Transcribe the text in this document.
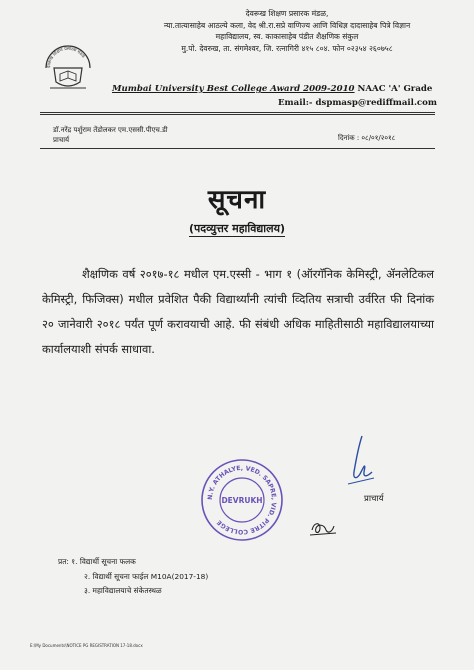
देवरूख शिक्षण प्रसारक मंडळ
देवरूख शिक्षण प्रसारक मंडळ,
न्या.तात्यासाहेब आठल्ये कला, वेद श्री.रा.सप्रे वाणिज्य आणि विधिज्ञ दादासाहेब पित्रे विज्ञान
महाविद्यालय, स्व. काकासाहेब पंडीत शैक्षणिक संकुल
मु.पो. देवरुख, ता. संगमेश्वर, जि. रत्नागिरी ४१५ ८०४. फोन ०२३५४ २६०७५८
Mumbai University Best College Award 2009-2010 NAAC 'A' Grade
Email:- dspmasp@rediffmail.com
डॉ.नरेंद्र पर्शुराम तेंडोलकर एम.एससी.पीएच.डी
प्राचार्य	दिनांक : ०८/०१/२०१८
सूचना
(पदव्युत्तर महाविद्यालय)
शैक्षणिक वर्ष २०१७-१८ मधील एम.एस्सी - भाग १ (ऑरगॅनिक केमिस्ट्री, ॲनलेटिकल केमिस्ट्री, फिजिक्स) मधील प्रवेशित पैकी विद्यार्थ्यांनी त्यांची व्दितिय सत्राची उर्वरित फी दिनांक २० जानेवारी २०१८ पर्यंत पूर्ण करावयाची आहे. फी संबंधी अधिक माहितीसाठी महाविद्यालयाच्या कार्यालयाशी संपर्क साधावा.
प्राचार्य
N.Y. ATHALYE, VED. SAPRE, VID. PITRE COLLEGE
DEVRUKH
प्रत: १. विद्यार्थी सूचना फलक
२. विद्यार्थी सूचना फाईल M10A(2017-18)
३. महाविद्यालयाचे संकेतस्थळ
E:\My Documents\NOTICE PG REGISTRATION 17-18.docx
